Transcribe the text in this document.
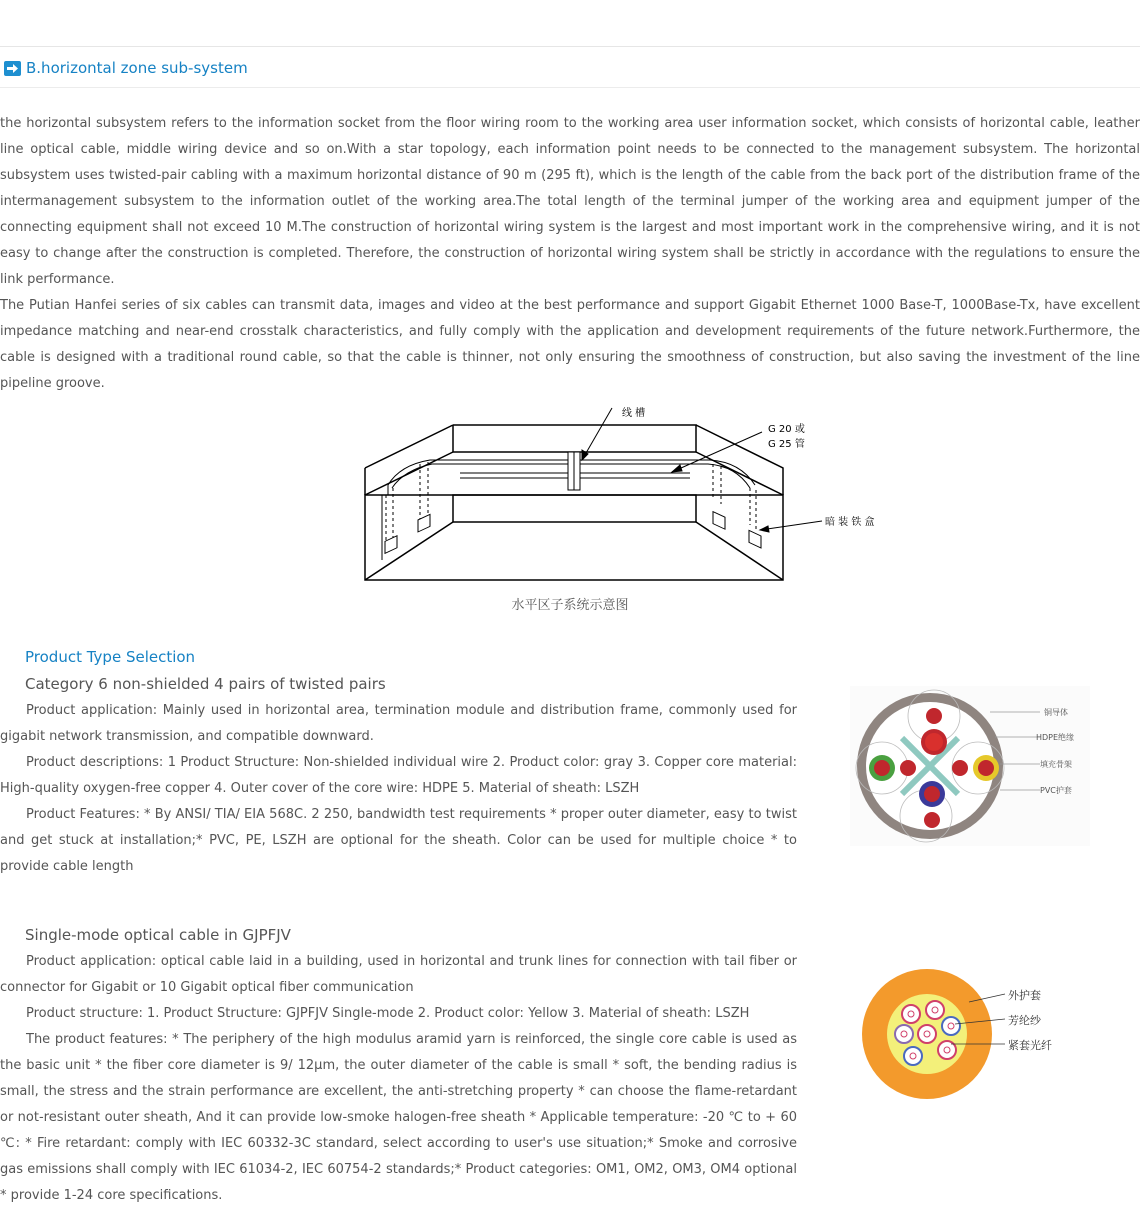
B.horizontal zone sub-system

the horizontal subsystem refers to the information socket from the floor wiring room to the working area user information socket, which consists of horizontal cable, leather line optical cable, middle wiring device and so on.With a star topology, each information point needs to be connected to the management subsystem. The horizontal subsystem uses twisted-pair cabling with a maximum horizontal distance of 90 m (295 ft), which is the length of the cable from the back port of the distribution frame of the intermanagement subsystem to the information outlet of the working area.The total length of the terminal jumper of the working area and equipment jumper of the connecting equipment shall not exceed 10 M.The construction of horizontal wiring system is the largest and most important work in the comprehensive wiring, and it is not easy to change after the construction is completed. Therefore, the construction of horizontal wiring system shall be strictly in accordance with the regulations to ensure the link performance.

The Putian Hanfei series of six cables can transmit data, images and video at the best performance and support Gigabit Ethernet 1000 Base-T, 1000Base-Tx, have excellent impedance matching and near-end crosstalk characteristics, and fully comply with the application and development requirements of the future network.Furthermore, the cable is designed with a traditional round cable, so that the cable is thinner, not only ensuring the smoothness of construction, but also saving the investment of the line pipeline groove.

线 槽
G 20 或
G 25 管
暗 装 铁 盒
水平区子系统示意图
Product Type Selection
Category 6 non-shielded 4 pairs of twisted pairs

Product application: Mainly used in horizontal area, termination module and distribution frame, commonly used for gigabit network transmission, and compatible downward.

Product descriptions: 1 Product Structure: Non-shielded individual wire 2. Product color: gray 3. Copper core material: High-quality oxygen-free copper 4. Outer cover of the core wire: HDPE 5. Material of sheath: LSZH

Product Features: * By ANSI/ TIA/ EIA 568C. 2 250, bandwidth test requirements * proper outer diameter, easy to twist and get stuck at installation;* PVC, PE, LSZH are optional for the sheath. Color can be used for multiple choice * to provide cable length

铜导体
HDPE绝缘
填充骨架
PVC护套
Single-mode optical cable in GJPFJV

Product application: optical cable laid in a building, used in horizontal and trunk lines for connection with tail fiber or connector for Gigabit or 10 Gigabit optical fiber communication

Product structure: 1. Product Structure: GJPFJV Single-mode 2. Product color: Yellow 3. Material of sheath: LSZH

The product features: * The periphery of the high modulus aramid yarn is reinforced, the single core cable is used as the basic unit * the fiber core diameter is 9/ 12μm, the outer diameter of the cable is small * soft, the bending radius is small, the stress and the strain performance are excellent, the anti-stretching property * can choose the flame-retardant or not-resistant outer sheath, And it can provide low-smoke halogen-free sheath * Applicable temperature: -20 ℃ to + 60 ℃: * Fire retardant: comply with IEC 60332-3C standard, select according to user's use situation;* Smoke and corrosive gas emissions shall comply with IEC 61034-2, IEC 60754-2 standards;* Product categories: OM1, OM2, OM3, OM4 optional * provide 1-24 core specifications.

外护套
芳纶纱
紧套光纤
